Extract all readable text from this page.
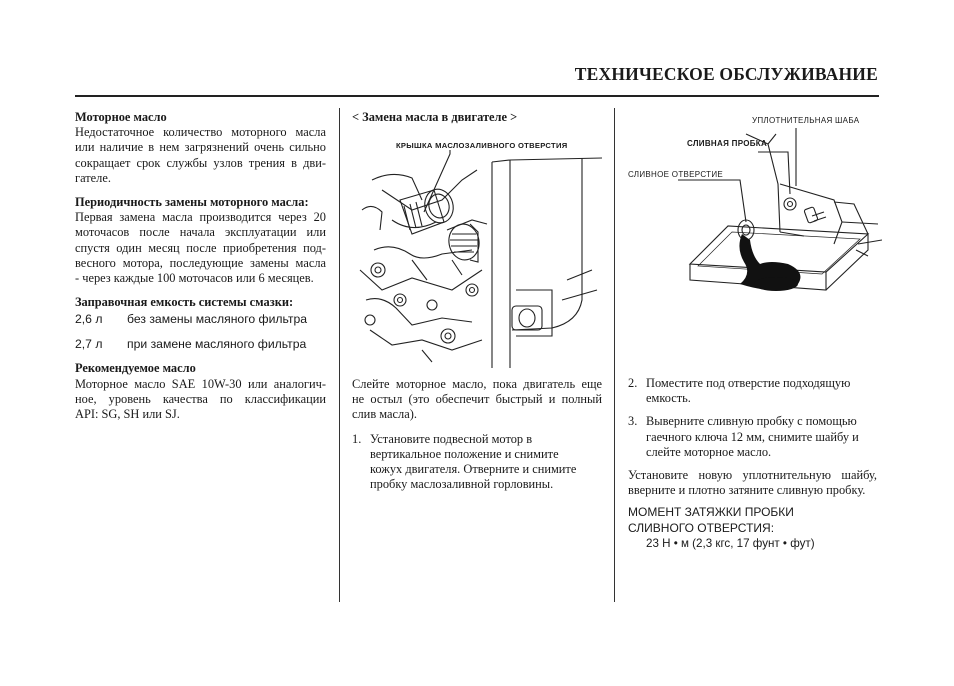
ТЕХНИЧЕСКОЕ ОБСЛУЖИВАНИЕ
Моторное масло
Недостаточное количество моторного масла
или наличие в нем загрязнений очень сильно
сокращает срок службы узлов трения в дви-
гателе.
Периодичность замены моторного масла:
Первая замена масла производится через 20
моточасов после начала эксплуатации или
спустя один месяц после приобретения под-
весного мотора, последующие замены масла
- через каждые 100 моточасов или 6 месяцев.
Заправочная емкость системы смазки:
2,6 л	без замены масляного фильтра
2,7 л	при замене масляного фильтра
Рекомендуемое масло
Моторное масло SAE 10W-30 или аналогич-
ное, уровень качества по классификации
API: SG, SH или SJ.
< Замена масла в двигателе >
КРЫШКА МАСЛОЗАЛИВНОГО ОТВЕРСТИЯ
Слейте моторное масло, пока двигатель еще
не остыл (это обеспечит быстрый и полный
слив масла).
1. Установите подвесной мотор в
вертикальное положение и снимите
кожух двигателя. Отверните и снимите
пробку маслозаливной горловины.
УПЛОТНИТЕЛЬНАЯ ШАБА
СЛИВНАЯ ПРОБКА
СЛИВНОЕ ОТВЕРСТИЕ
2. Поместите под отверстие подходящую
емкость.
3. Выверните сливную пробку с помощью
гаечного ключа 12 мм, снимите шайбу и
слейте моторное масло.
Установите новую уплотнительную шайбу,
вверните и плотно затяните сливную пробку.
МОМЕНТ ЗАТЯЖКИ ПРОБКИ
СЛИВНОГО ОТВЕРСТИЯ:
23 Н • м (2,3 кгс, 17 фунт • фут)
